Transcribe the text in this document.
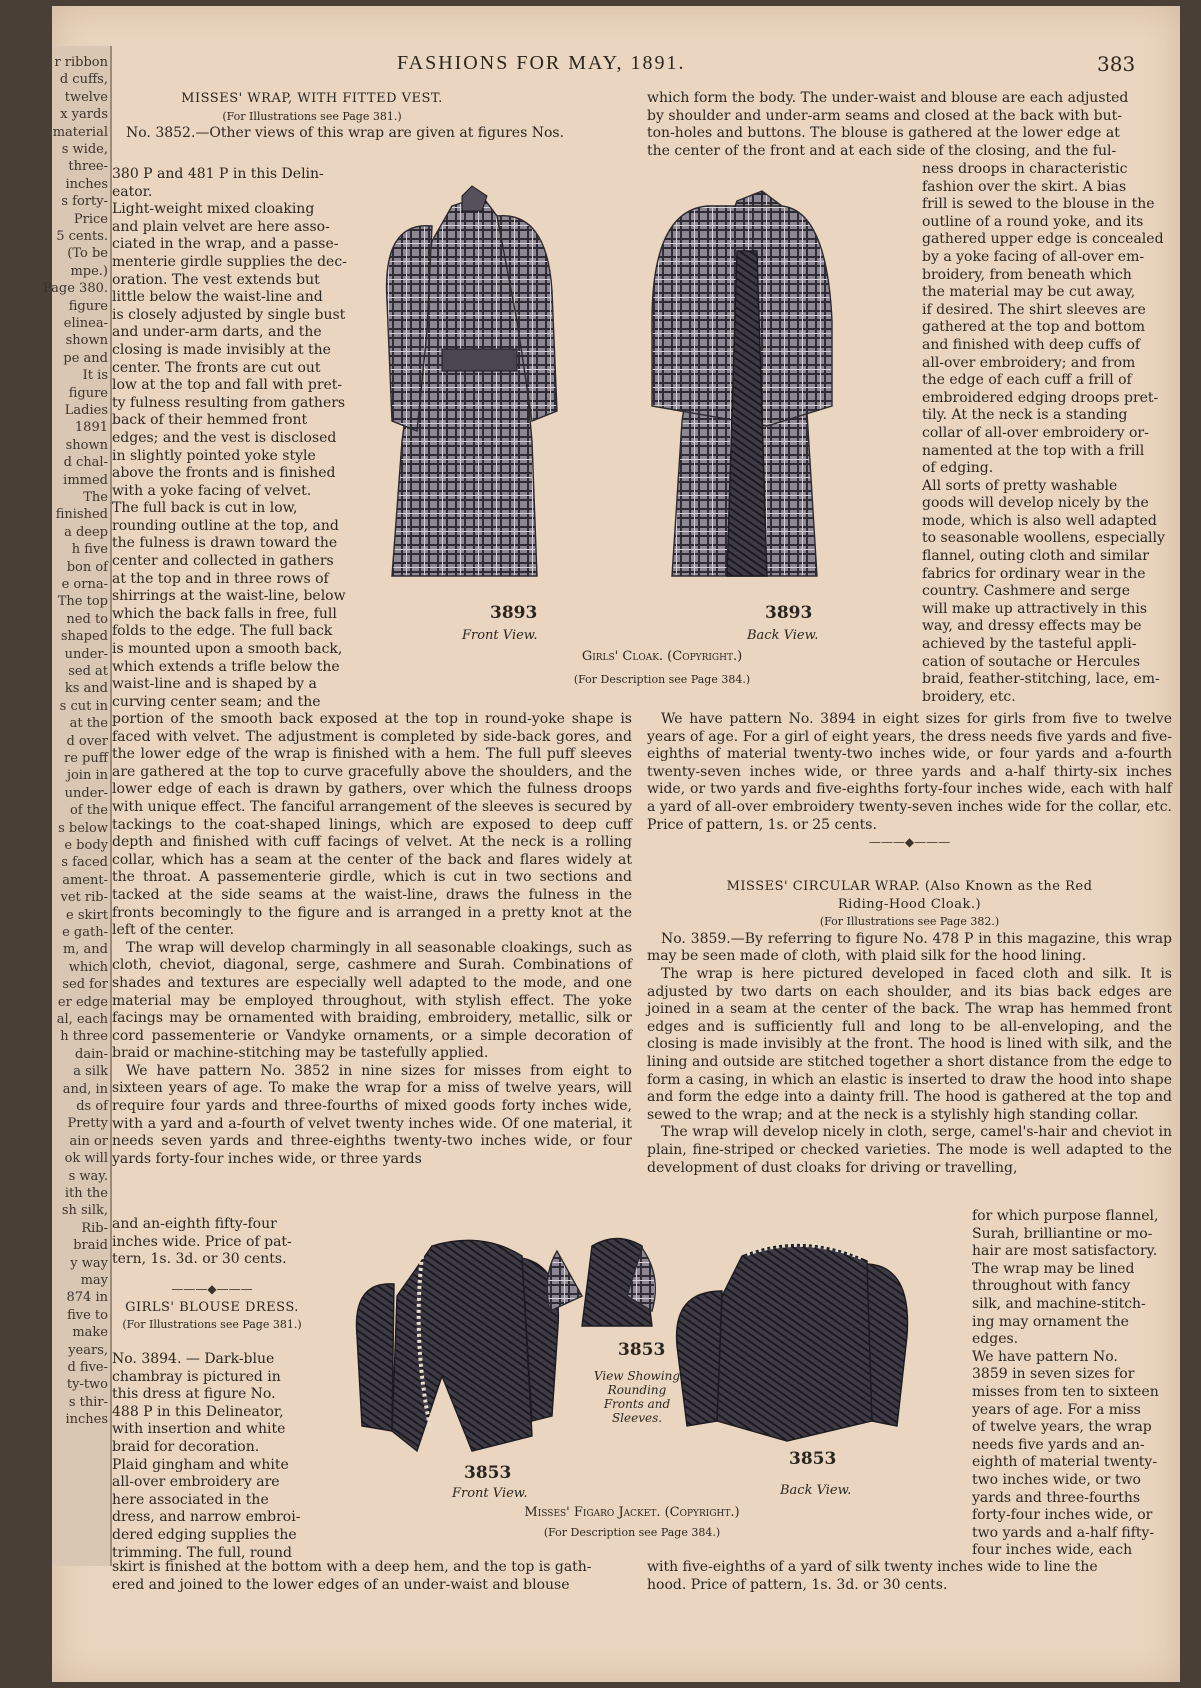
r ribbon
d cuffs,
twelve
x yards
material
s wide,
three-
inches
s forty-
Price
5 cents.
(To be
mpe.)
Page 380.
figure
elinea-
shown
pe and
It is
figure
Ladies
1891
shown
d chal-
immed
The
finished
a deep
h five
bon of
e orna-
The top
ned to
shaped
under-
sed at
ks and
s cut in
at the
d over
re puff
join in
under-
of the
s below
e body
s faced
ament-
vet rib-
e skirt
e gath-
m, and
which
sed for
er edge
al, each
h three
dain-
a silk
and, in
ds of
Pretty
ain or
ok will
s way.
ith the
sh silk,
Rib-
braid
y way
may
874 in
five to
make
years,
d five-
ty-two
s thir-
inches
FASHIONS FOR MAY, 1891.	383

MISSES' WRAP, WITH FITTED VEST.

(For Illustrations see Page 381.)

No. 3852.—Other views of this wrap are given at figures Nos.

380 P and 481 P in this Delin-
eator.
Light-weight mixed cloaking
and plain velvet are here asso-
ciated in the wrap, and a passe-
menterie girdle supplies the dec-
oration. The vest extends but
little below the waist-line and
is closely adjusted by single bust
and under-arm darts, and the
closing is made invisibly at the
center. The fronts are cut out
low at the top and fall with pret-
ty fulness resulting from gathers
back of their hemmed front
edges; and the vest is disclosed
in slightly pointed yoke style
above the fronts and is finished
with a yoke facing of velvet.
The full back is cut in low,
rounding outline at the top, and
the fulness is drawn toward the
center and collected in gathers
at the top and in three rows of
shirrings at the waist-line, below
which the back falls in free, full
folds to the edge. The full back
is mounted upon a smooth back,
which extends a trifle below the
waist-line and is shaped by a
curving center seam; and the

portion of the smooth back exposed at the top in round-yoke shape is faced with velvet. The adjustment is completed by side-back gores, and the lower edge of the wrap is finished with a hem. The full puff sleeves are gathered at the top to curve gracefully above the shoulders, and the lower edge of each is drawn by gathers, over which the fulness droops with unique effect. The fanciful arrangement of the sleeves is secured by tackings to the coat-shaped linings, which are exposed to deep cuff depth and finished with cuff facings of velvet. At the neck is a rolling collar, which has a seam at the center of the back and flares widely at the throat. A passementerie girdle, which is cut in two sections and tacked at the side seams at the waist-line, draws the fulness in the fronts becomingly to the figure and is arranged in a pretty knot at the left of the center.

The wrap will develop charmingly in all seasonable cloakings, such as cloth, cheviot, diagonal, serge, cashmere and Surah. Combinations of shades and textures are especially well adapted to the mode, and one material may be employed throughout, with stylish effect. The yoke facings may be ornamented with braiding, embroidery, metallic, silk or cord passementerie or Vandyke ornaments, or a simple decoration of braid or machine-stitching may be tastefully applied.

We have pattern No. 3852 in nine sizes for misses from eight to sixteen years of age. To make the wrap for a miss of twelve years, will require four yards and three-fourths of mixed goods forty inches wide, with a yard and a-fourth of velvet twenty inches wide. Of one material, it needs seven yards and three-eighths twenty-two inches wide, or four yards forty-four inches wide, or three yards

and an-eighth fifty-four
inches wide. Price of pat-
tern, 1s. 3d. or 30 cents.

———◆———

GIRLS' BLOUSE DRESS.

(For Illustrations see Page 381.)

No. 3894. — Dark-blue
chambray is pictured in
this dress at figure No.
488 P in this Delineator,
with insertion and white
braid for decoration.
Plaid gingham and white
all-over embroidery are
here associated in the
dress, and narrow embroi-
dered edging supplies the
trimming. The full, round
skirt is finished at the bottom with a deep hem, and the top is gath-
ered and joined to the lower edges of an under-waist and blouse
which form the body. The under-waist and blouse are each adjusted
by shoulder and under-arm seams and closed at the back with but-
ton-holes and buttons. The blouse is gathered at the lower edge at
the center of the front and at each side of the closing, and the ful-
ness droops in characteristic
fashion over the skirt. A bias
frill is sewed to the blouse in the
outline of a round yoke, and its
gathered upper edge is concealed
by a yoke facing of all-over em-
broidery, from beneath which
the material may be cut away,
if desired. The shirt sleeves are
gathered at the top and bottom
and finished with deep cuffs of
all-over embroidery; and from
the edge of each cuff a frill of
embroidered edging droops pret-
tily. At the neck is a standing
collar of all-over embroidery or-
namented at the top with a frill
of edging.
All sorts of pretty washable
goods will develop nicely by the
mode, which is also well adapted
to seasonable woollens, especially
flannel, outing cloth and similar
fabrics for ordinary wear in the
country. Cashmere and serge
will make up attractively in this
way, and dressy effects may be
achieved by the tasteful appli-
cation of soutache or Hercules
braid, feather-stitching, lace, em-
broidery, etc.

We have pattern No. 3894 in eight sizes for girls from five to twelve years of age. For a girl of eight years, the dress needs five yards and five-eighths of material twenty-two inches wide, or four yards and a-fourth twenty-seven inches wide, or three yards and a-half thirty-six inches wide, or two yards and five-eighths forty-four inches wide, each with half a yard of all-over embroidery twenty-seven inches wide for the collar, etc. Price of pattern, 1s. or 25 cents.

———◆———

MISSES' CIRCULAR WRAP. (Also Known as the Red

Riding-Hood Cloak.)

(For Illustrations see Page 382.)

No. 3859.—By referring to figure No. 478 P in this magazine, this wrap may be seen made of cloth, with plaid silk for the hood lining.

The wrap is here pictured developed in faced cloth and silk. It is adjusted by two darts on each shoulder, and its bias back edges are joined in a seam at the center of the back. The wrap has hemmed front edges and is sufficiently full and long to be all-enveloping, and the closing is made invisibly at the front. The hood is lined with silk, and the lining and outside are stitched together a short distance from the edge to form a casing, in which an elastic is inserted to draw the hood into shape and form the edge into a dainty frill. The hood is gathered at the top and sewed to the wrap; and at the neck is a stylishly high standing collar.

The wrap will develop nicely in cloth, serge, camel's-hair and cheviot in plain, fine-striped or checked varieties. The mode is well adapted to the development of dust cloaks for driving or travelling,

for which purpose flannel,
Surah, brilliantine or mo-
hair are most satisfactory.
The wrap may be lined
throughout with fancy
silk, and machine-stitch-
ing may ornament the
edges.
We have pattern No.
3859 in seven sizes for
misses from ten to sixteen
years of age. For a miss
of twelve years, the wrap
needs five yards and an-
eighth of material twenty-
two inches wide, or two
yards and three-fourths
forty-four inches wide, or
two yards and a-half fifty-
four inches wide, each
with five-eighths of a yard of silk twenty inches wide to line the
hood. Price of pattern, 1s. 3d. or 30 cents.
3893	3893
Front View.	Back View.
Girls' Cloak. (Copyright.)
(For Description see Page 384.)
3853
3853
3853
Front View.
View Showing Rounding Fronts and Sleeves.
Back View.
Misses' Figaro Jacket. (Copyright.)
(For Description see Page 384.)
